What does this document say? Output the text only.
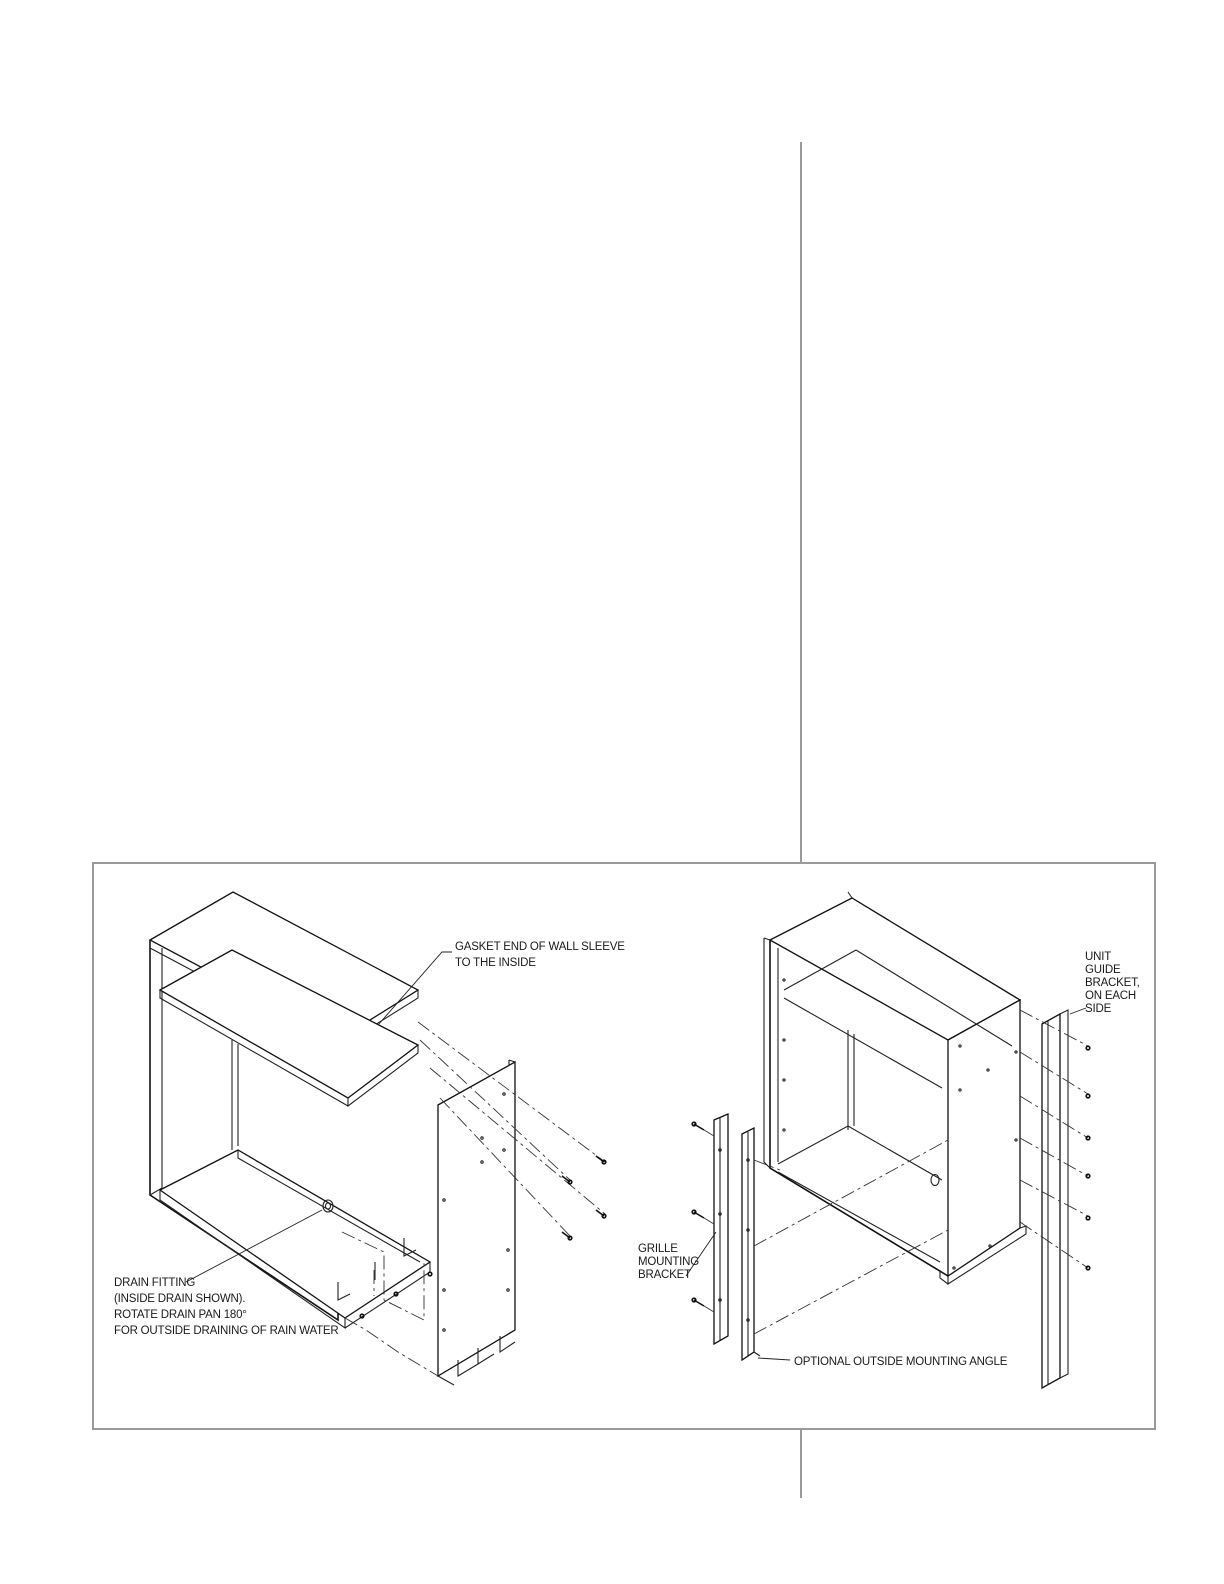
GASKET END OF WALL SLEEVE
TO THE INSIDE
DRAIN FITTING
(INSIDE DRAIN SHOWN).
ROTATE DRAIN PAN 180°
FOR OUTSIDE DRAINING OF RAIN WATER
UNIT
GUIDE
BRACKET,
ON EACH
SIDE
GRILLE
MOUNTING
BRACKET
OPTIONAL OUTSIDE MOUNTING ANGLE
